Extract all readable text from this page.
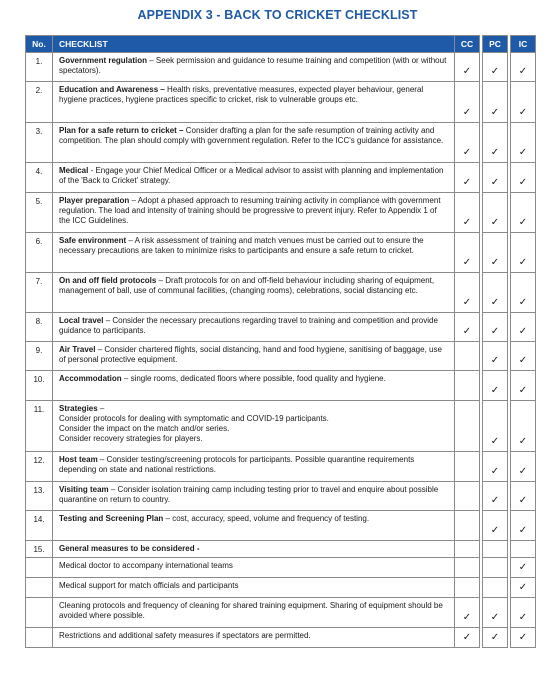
APPENDIX 3 - BACK TO CRICKET CHECKLIST
No.	CHECKLIST	CC		PC		IC
1.	Government regulation – Seek permission and guidance to resume training and competition (with or without spectators).	✓		✓		✓
2.	Education and Awareness – Health risks, preventative measures, expected player behaviour, general hygiene practices, hygiene practices specific to cricket, risk to vulnerable groups etc.	✓		✓		✓
3.	Plan for a safe return to cricket – Consider drafting a plan for the safe resumption of training activity and competition. The plan should comply with government regulation. Refer to the ICC's guidance for assistance.	✓		✓		✓
4.	Medical - Engage your Chief Medical Officer or a Medical advisor to assist with planning and implementation of the 'Back to Cricket' strategy.	✓		✓		✓
5.	Player preparation – Adopt a phased approach to resuming training activity in compliance with government regulation. The load and intensity of training should be progressive to prevent injury. Refer to Appendix 1 of the ICC Guidelines.	✓		✓		✓
6.	Safe environment – A risk assessment of training and match venues must be carried out to ensure the necessary precautions are taken to minimize risks to participants and ensure a safe return to cricket.	✓		✓		✓
7.	On and off field protocols – Draft protocols for on and off-field behaviour including sharing of equipment, management of ball, use of communal facilities, (changing rooms), celebrations, social distancing etc.	✓		✓		✓
8.	Local travel – Consider the necessary precautions regarding travel to training and competition and provide guidance to participants.	✓		✓		✓
9.	Air Travel – Consider chartered flights, social distancing, hand and food hygiene, sanitising of baggage, use of personal protective equipment.			✓		✓
10.	Accommodation – single rooms, dedicated floors where possible, food quality and hygiene.			✓		✓
11.	Strategies –
Consider protocols for dealing with symptomatic and COVID-19 participants.
Consider the impact on the match and/or series.
Consider recovery strategies for players.			✓		✓
12.	Host team – Consider testing/screening protocols for participants. Possible quarantine requirements depending on state and national restrictions.			✓		✓
13.	Visiting team – Consider isolation training camp including testing prior to travel and enquire about possible quarantine on return to country.			✓		✓
14.	Testing and Screening Plan – cost, accuracy, speed, volume and frequency of testing.			✓		✓
15.	General measures to be considered -					
	Medical doctor to accompany international teams					✓
	Medical support for match officials and participants					✓
	Cleaning protocols and frequency of cleaning for shared training equipment. Sharing of equipment should be avoided where possible.	✓		✓		✓
	Restrictions and additional safety measures if spectators are permitted.	✓		✓		✓
